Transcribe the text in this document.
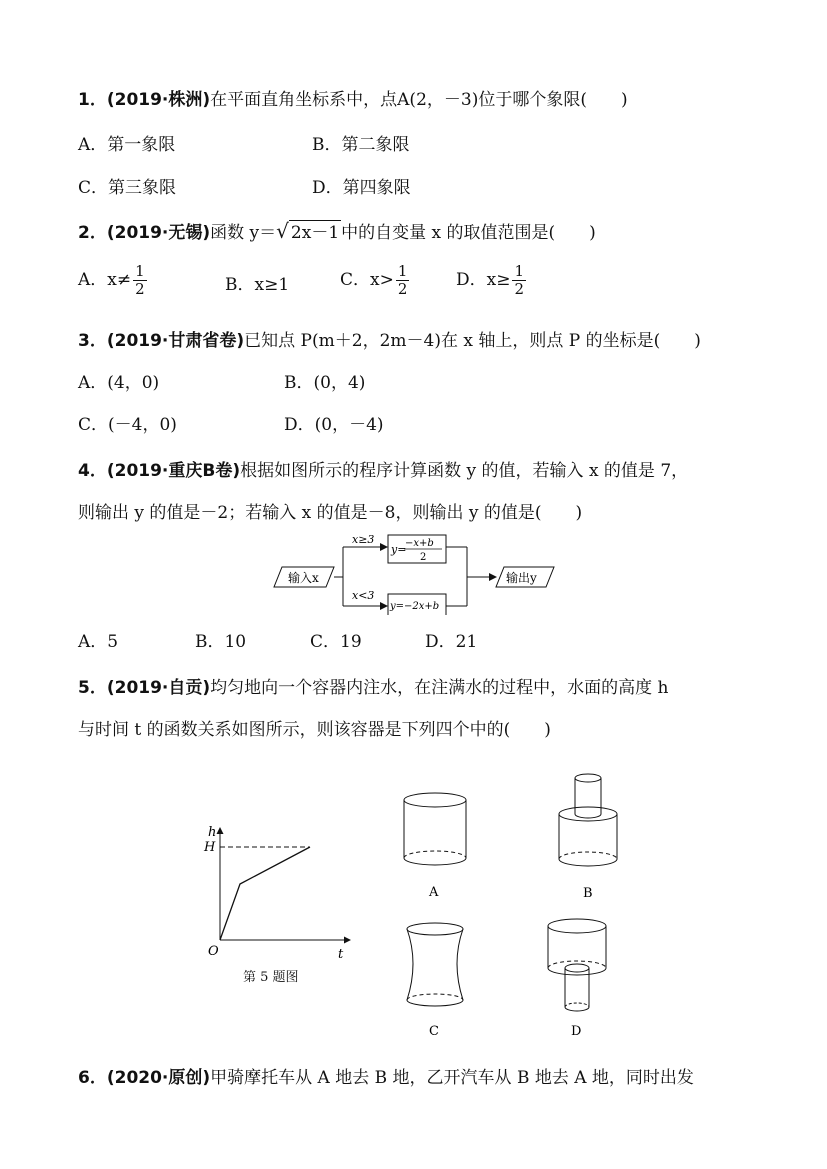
1．(2019·株洲)在平面直角坐标系中，点A(2，－3)位于哪个象限(　　)
A．第一象限	B．第二象限
C．第三象限	D．第四象限
2．(2019·无锡)函数 y＝√ 2x－1 中的自变量 x 的取值范围是(　　)
A．$x\ne \frac{1}{2}$	B．x≥1	C．$x> \frac{1}{2}$	D．$x\ge \frac{1}{2}$
3．(2019·甘肃省卷)已知点 P(m＋2，2m－4)在 x 轴上，则点 P 的坐标是(　　)
A．(4，0)	B．(0，4)
C．(－4，0)	D．(0，－4)
4．(2019·重庆B卷)根据如图所示的程序计算函数 y 的值，若输入 x 的值是 7，
则输出 y 的值是－2；若输入 x 的值是－8，则输出 y 的值是(　　)
输入x
x≥3
x<3
y=
−x+b
2
y=−2x+b
输出y
A．5	B．10	C．19	D．21
5．(2019·自贡)均匀地向一个容器内注水，在注满水的过程中，水面的高度 h
与时间 t 的函数关系如图所示，则该容器是下列四个中的(　　)
h
H
O	t
第 5 题图
A	B
C	D
6．(2020·原创)甲骑摩托车从 A 地去 B 地，乙开汽车从 B 地去 A 地，同时出发
